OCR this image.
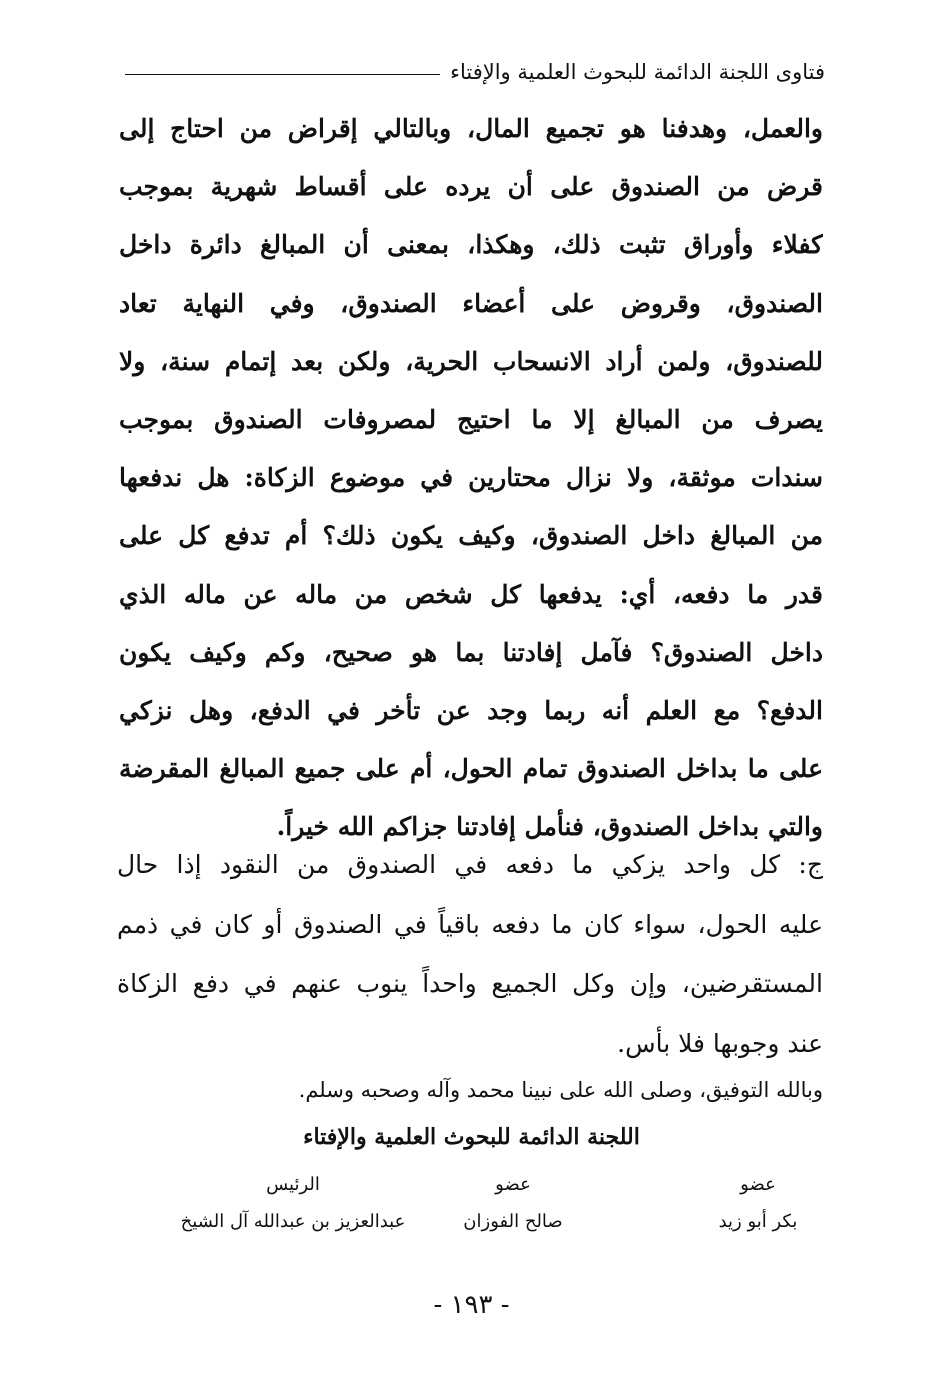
فتاوى اللجنة الدائمة للبحوث العلمية والإفتاء
والعمل، وهدفنا هو تجميع المال، وبالتالي إقراض من احتاج إلى
قرض من الصندوق على أن يرده على أقساط شهرية بموجب
كفلاء وأوراق تثبت ذلك، وهكذا، بمعنى أن المبالغ دائرة داخل
الصندوق، وقروض على أعضاء الصندوق، وفي النهاية تعاد
للصندوق، ولمن أراد الانسحاب الحرية، ولكن بعد إتمام سنة، ولا
يصرف من المبالغ إلا ما احتيج لمصروفات الصندوق بموجب
سندات موثقة، ولا نزال محتارين في موضوع الزكاة: هل ندفعها
من المبالغ داخل الصندوق، وكيف يكون ذلك؟ أم تدفع كل على
قدر ما دفعه، أي: يدفعها كل شخص من ماله عن ماله الذي
داخل الصندوق؟ فآمل إفادتنا بما هو صحيح، وكم وكيف يكون
الدفع؟ مع العلم أنه ربما وجد عن تأخر في الدفع، وهل نزكي
على ما بداخل الصندوق تمام الحول، أم على جميع المبالغ المقرضة
والتي بداخل الصندوق، فنأمل إفادتنا جزاكم الله خيراً.
ج: كل واحد يزكي ما دفعه في الصندوق من النقود إذا حال
عليه الحول، سواء كان ما دفعه باقياً في الصندوق أو كان في ذمم
المستقرضين، وإن وكل الجميع واحداً ينوب عنهم في دفع الزكاة
عند وجوبها فلا بأس.
وبالله التوفيق، وصلى الله على نبينا محمد وآله وصحبه وسلم.
اللجنة الدائمة للبحوث العلمية والإفتاء
عضو
بكر أبو زيد
عضو
صالح الفوزان
الرئيس
عبدالعزيز بن عبدالله آل الشيخ
- ١٩٣ -
